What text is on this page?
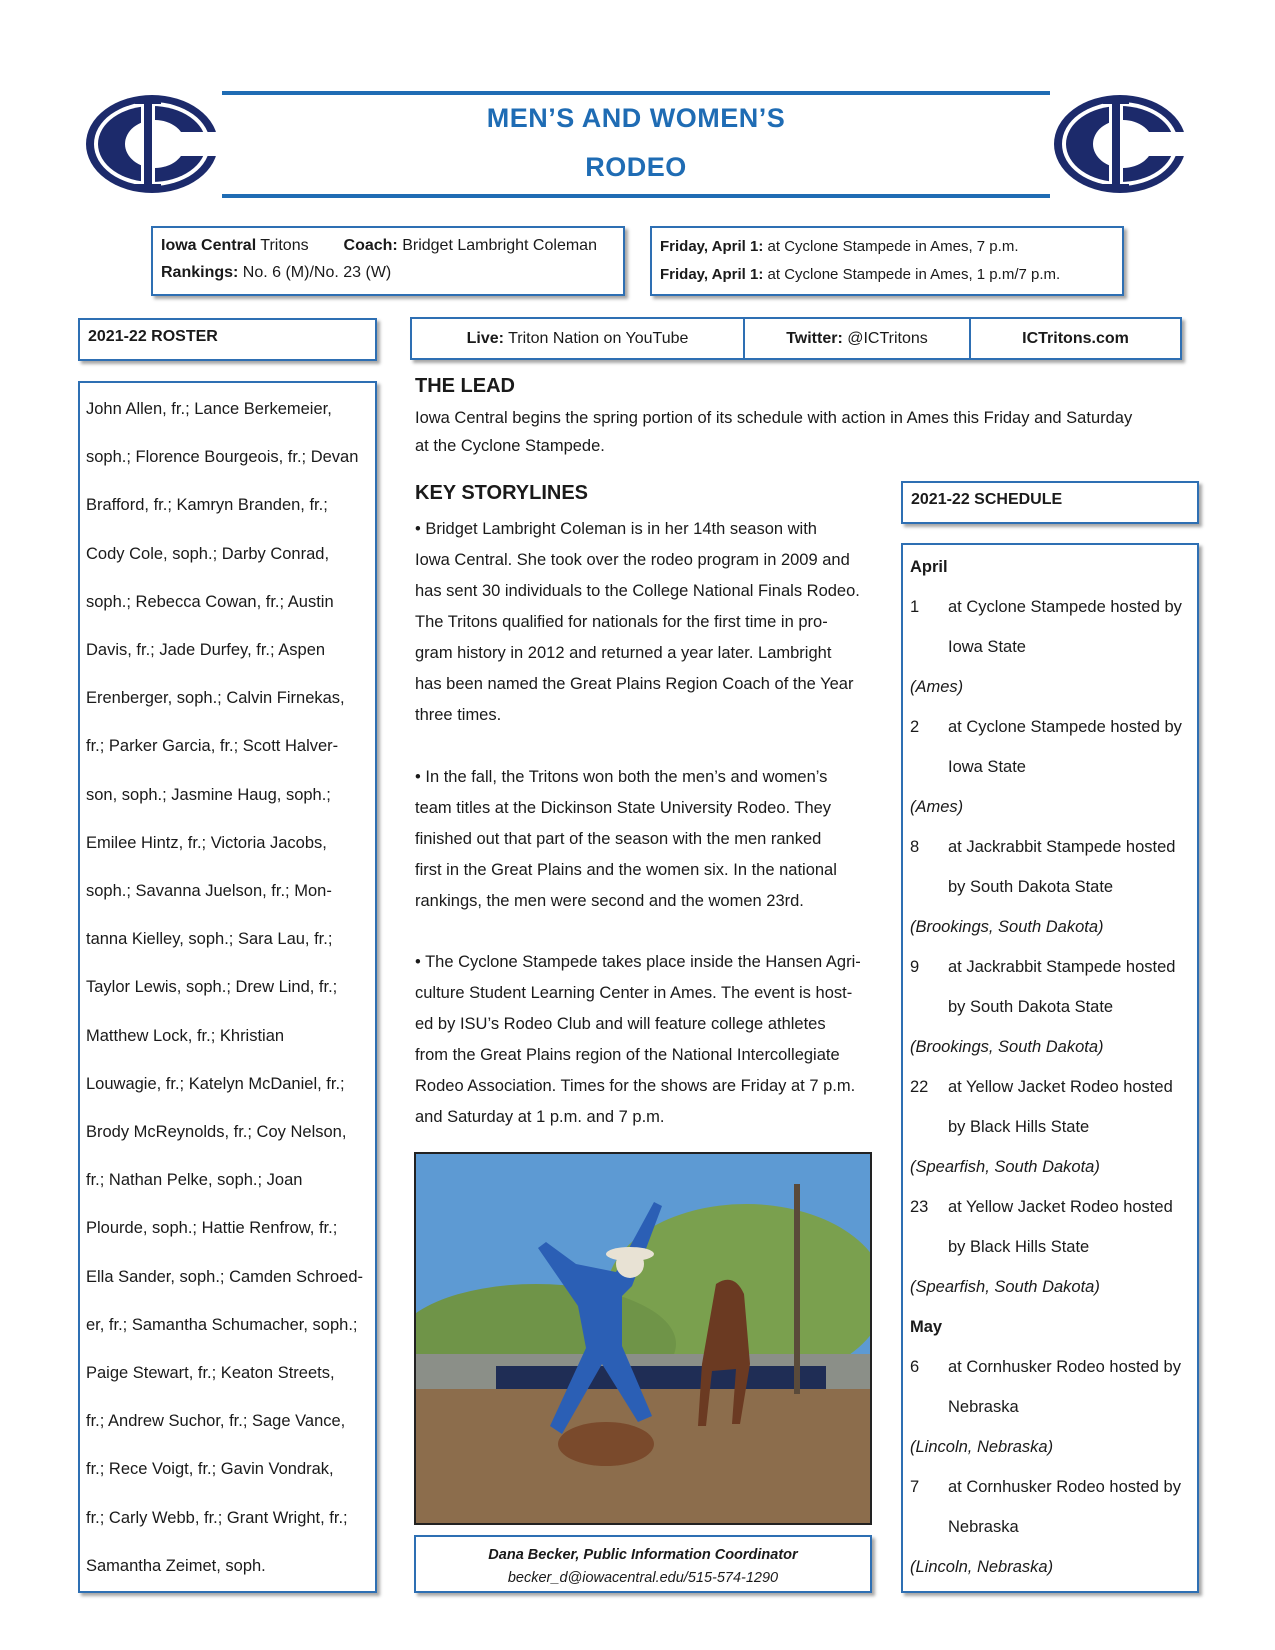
MEN’S AND WOMEN’S
RODEO
Iowa Central Tritons Coach: Bridget Lambright Coleman
Rankings: No. 6 (M)/No. 23 (W)
Friday, April 1: at Cyclone Stampede in Ames, 7 p.m.
Friday, April 1: at Cyclone Stampede in Ames, 1 p.m/7 p.m.
2021-22 ROSTER	Live: Triton Nation on YouTube	Twitter: @ICTritons	ICTritons.com
John Allen, fr.; Lance Berkemeier,
soph.; Florence Bourgeois, fr.; Devan
Brafford, fr.; Kamryn Branden, fr.;
Cody Cole, soph.; Darby Conrad,
soph.; Rebecca Cowan, fr.; Austin
Davis, fr.; Jade Durfey, fr.; Aspen
Erenberger, soph.; Calvin Firnekas,
fr.; Parker Garcia, fr.; Scott Halver-
son, soph.; Jasmine Haug, soph.;
Emilee Hintz, fr.; Victoria Jacobs,
soph.; Savanna Juelson, fr.; Mon-
tanna Kielley, soph.; Sara Lau, fr.;
Taylor Lewis, soph.; Drew Lind, fr.;
Matthew Lock, fr.; Khristian
Louwagie, fr.; Katelyn McDaniel, fr.;
Brody McReynolds, fr.; Coy Nelson,
fr.; Nathan Pelke, soph.; Joan
Plourde, soph.; Hattie Renfrow, fr.;
Ella Sander, soph.; Camden Schroed-
er, fr.; Samantha Schumacher, soph.;
Paige Stewart, fr.; Keaton Streets,
fr.; Andrew Suchor, fr.; Sage Vance,
fr.; Rece Voigt, fr.; Gavin Vondrak,
fr.; Carly Webb, fr.; Grant Wright, fr.;
Samantha Zeimet, soph.
THE LEAD
Iowa Central begins the spring portion of its schedule with action in Ames this Friday and Saturday
at the Cyclone Stampede.
KEY STORYLINES
• Bridget Lambright Coleman is in her 14th season with
Iowa Central. She took over the rodeo program in 2009 and
has sent 30 individuals to the College National Finals Rodeo.
The Tritons qualified for nationals for the first time in pro-
gram history in 2012 and returned a year later. Lambright
has been named the Great Plains Region Coach of the Year
three times.
• In the fall, the Tritons won both the men’s and women’s
team titles at the Dickinson State University Rodeo. They
finished out that part of the season with the men ranked
first in the Great Plains and the women six. In the national
rankings, the men were second and the women 23rd.
• The Cyclone Stampede takes place inside the Hansen Agri-
culture Student Learning Center in Ames. The event is host-
ed by ISU’s Rodeo Club and will feature college athletes
from the Great Plains region of the National Intercollegiate
Rodeo Association. Times for the shows are Friday at 7 p.m.
and Saturday at 1 p.m. and 7 p.m.
Dana Becker, Public Information Coordinator
becker_d@iowacentral.edu/515-574-1290
2021-22 SCHEDULE
April
1 at Cyclone Stampede hosted by
Iowa State
(Ames)
2 at Cyclone Stampede hosted by
Iowa State
(Ames)
8 at Jackrabbit Stampede hosted
by South Dakota State
(Brookings, South Dakota)
9 at Jackrabbit Stampede hosted
by South Dakota State
(Brookings, South Dakota)
22 at Yellow Jacket Rodeo hosted
by Black Hills State
(Spearfish, South Dakota)
23 at Yellow Jacket Rodeo hosted
by Black Hills State
(Spearfish, South Dakota)
May
6 at Cornhusker Rodeo hosted by
Nebraska
(Lincoln, Nebraska)
7 at Cornhusker Rodeo hosted by
Nebraska
(Lincoln, Nebraska)
